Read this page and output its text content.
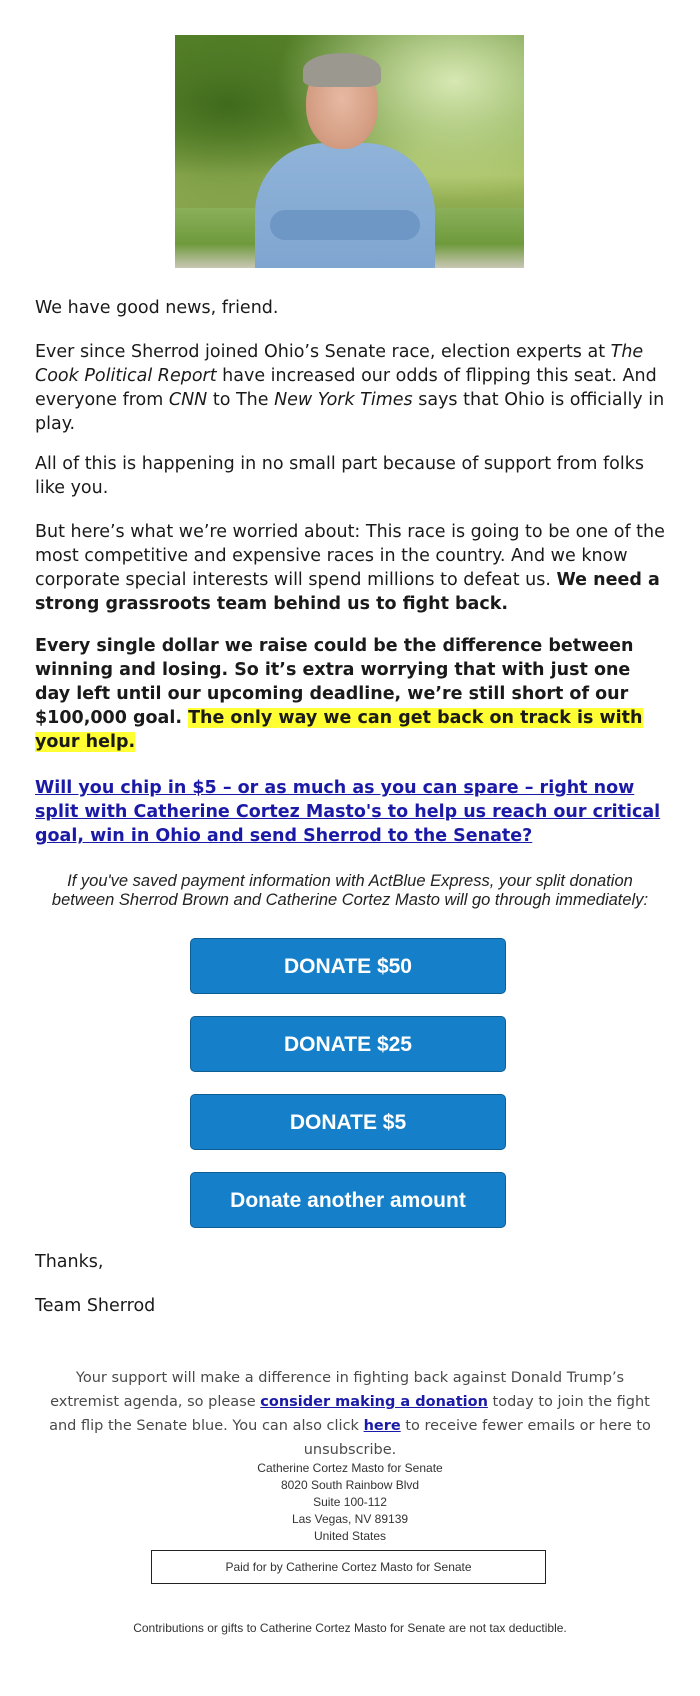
We have good news, friend.

Ever since Sherrod joined Ohio’s Senate race, election experts at The Cook Political Report have increased our odds of flipping this seat. And everyone from CNN to The New York Times says that Ohio is officially in play.

All of this is happening in no small part because of support from folks like you.

But here’s what we’re worried about: This race is going to be one of the most competitive and expensive races in the country. And we know corporate special interests will spend millions to defeat us. We need a strong grassroots team behind us to fight back.

Every single dollar we raise could be the difference between winning and losing. So it’s extra worrying that with just one day left until our upcoming deadline, we’re still short of our $100,000 goal. The only way we can get back on track is with your help.

Will you chip in $5 – or as much as you can spare – right now split with Catherine Cortez Masto's to help us reach our critical goal, win in Ohio and send Sherrod to the Senate?

If you've saved payment information with ActBlue Express, your split donation between Sherrod Brown and Catherine Cortez Masto will go through immediately:
DONATE $50
DONATE $25
DONATE $5
Donate another amount
Thanks,
Team Sherrod
Your support will make a difference in fighting back against Donald Trump’s extremist agenda, so please consider making a donation today to join the fight and flip the Senate blue. You can also click here to receive fewer emails or here to unsubscribe.
Catherine Cortez Masto for Senate
8020 South Rainbow Blvd
Suite 100-112
Las Vegas, NV 89139
United States
Paid for by Catherine Cortez Masto for Senate
Contributions or gifts to Catherine Cortez Masto for Senate are not tax deductible.
